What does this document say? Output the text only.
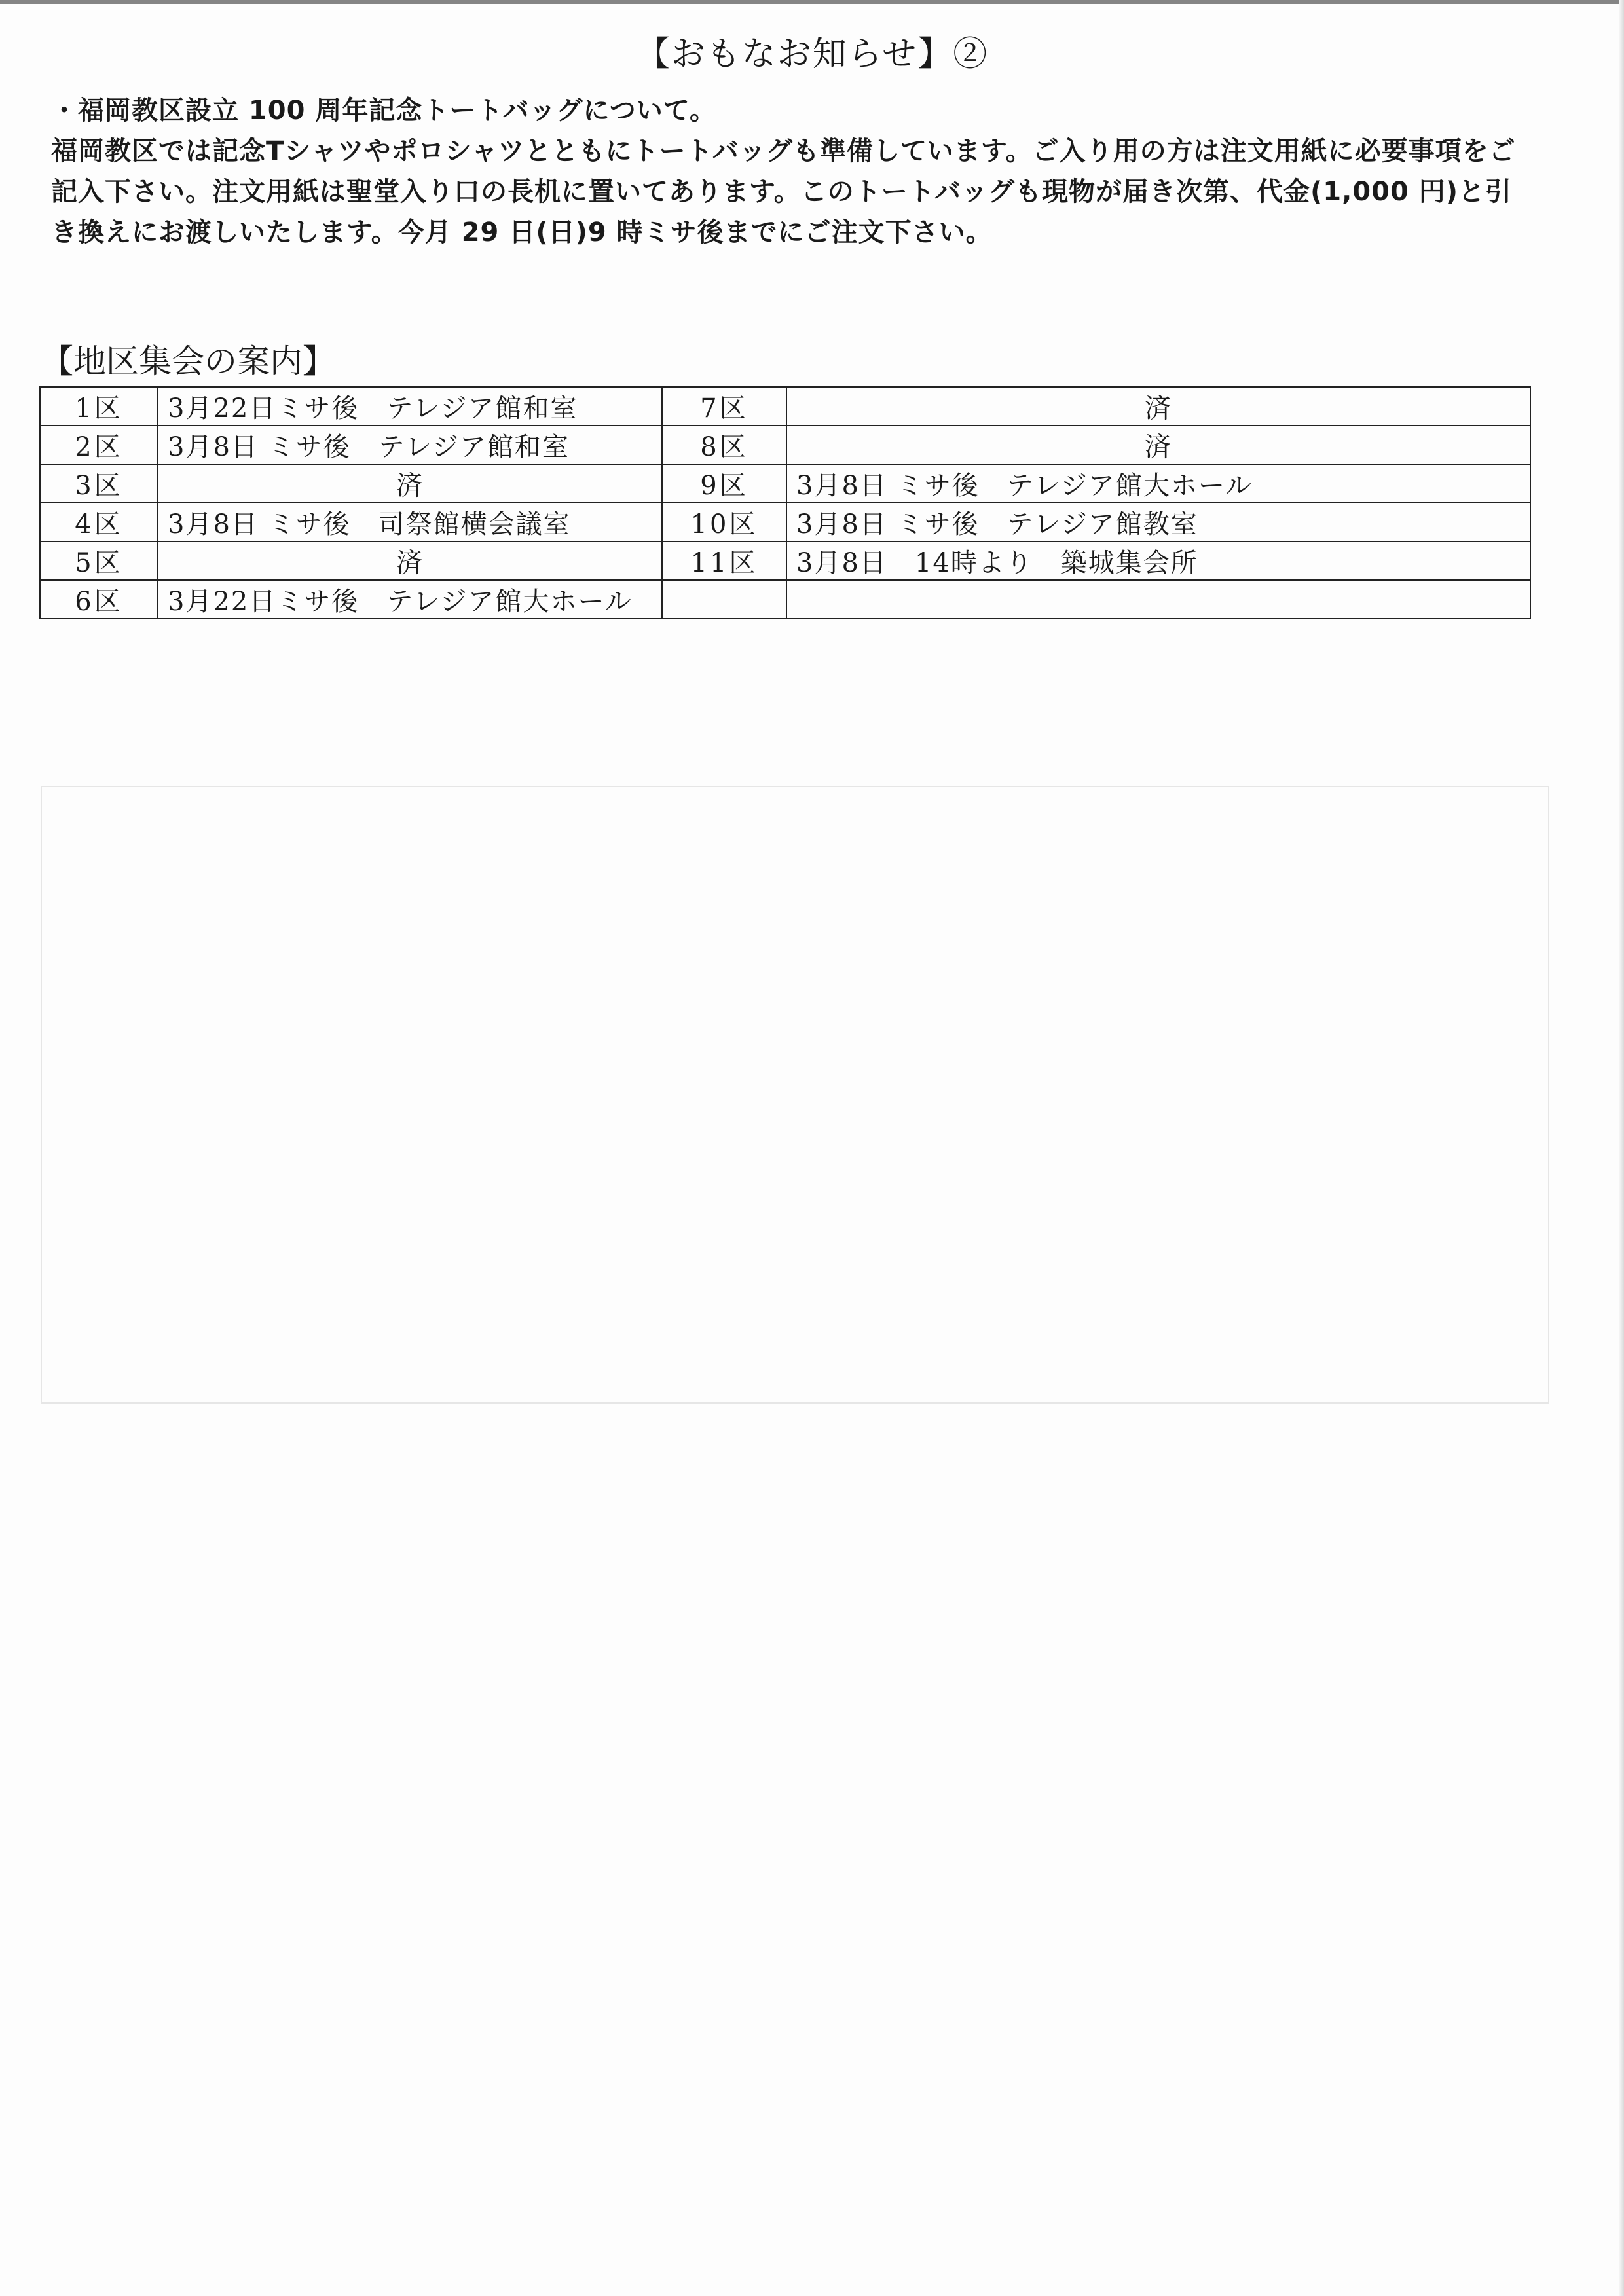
【おもなお知らせ】②
・福岡教区設立 100 周年記念トートバッグについて。
福岡教区では記念Tシャツやポロシャツとともにトートバッグも準備しています。ご入り用の方は注文用紙に必要事項をご記入下さい。注文用紙は聖堂入り口の長机に置いてあります。このトートバッグも現物が届き次第、代金(1,000 円)と引き換えにお渡しいたします。今月 29 日(日)9 時ミサ後までにご注文下さい。
【地区集会の案内】
1区	3月22日ミサ後　テレジア館和室	7区	済
2区	3月8日 ミサ後　テレジア館和室	8区	済
3区	済	9区	3月8日 ミサ後　テレジア館大ホール
4区	3月8日 ミサ後　司祭館横会議室	10区	3月8日 ミサ後　テレジア館教室
5区	済	11区	3月8日　14時より　築城集会所
6区	3月22日ミサ後　テレジア館大ホール		
